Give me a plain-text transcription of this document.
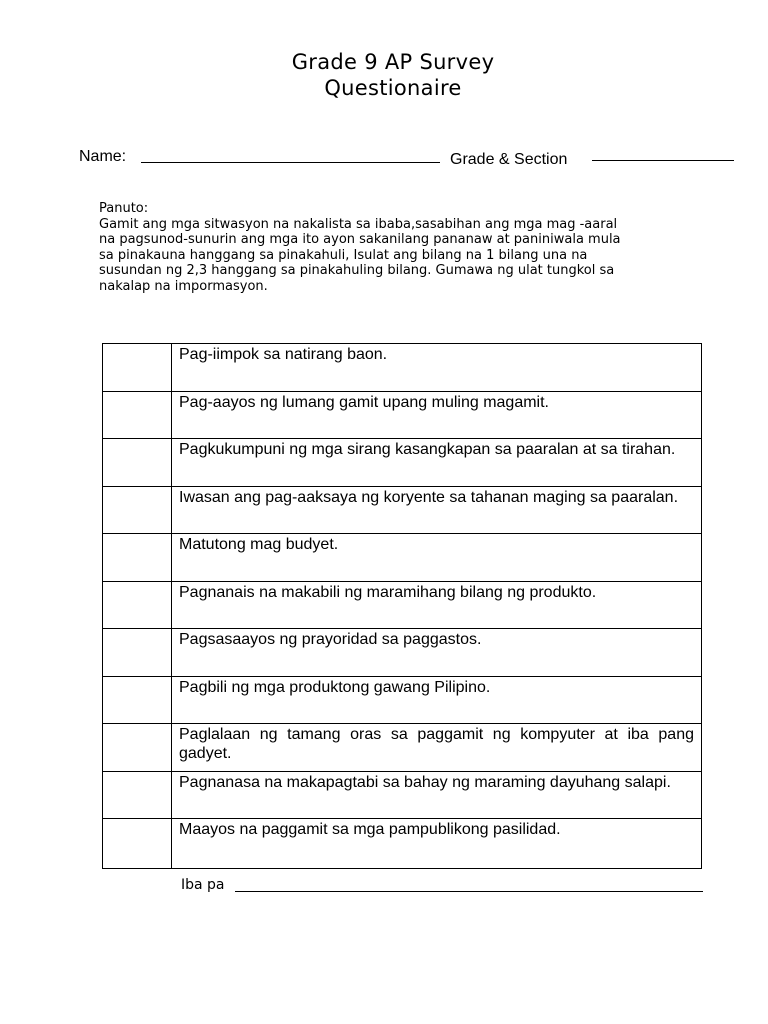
Grade 9 AP Survey
Questionaire
Name:	Grade & Section
Panuto:
Gamit ang mga sitwasyon na nakalista sa ibaba,sasabihan ang mga mag -aaral
na pagsunod-sunurin ang mga ito ayon sakanilang pananaw at paniniwala mula
sa pinakauna hanggang sa pinakahuli, Isulat ang bilang na 1 bilang una na
susundan ng 2,3 hanggang sa pinakahuling bilang. Gumawa ng ulat tungkol sa
nakalap na impormasyon.
	Pag-iimpok sa natirang baon.
	Pag-aayos ng lumang gamit upang muling magamit.
	Pagkukumpuni ng mga sirang kasangkapan sa paaralan at sa tirahan.
	Iwasan ang pag-aaksaya ng koryente sa tahanan maging sa paaralan.
	Matutong mag budyet.
	Pagnanais na makabili ng maramihang bilang ng produkto.
	Pagsasaayos ng prayoridad sa paggastos.
	Pagbili ng mga produktong gawang Pilipino.
	Paglalaan ng tamang oras sa paggamit ng kompyuter at iba pang gadyet.
	Pagnanasa na makapagtabi sa bahay ng maraming dayuhang salapi.
	Maayos na paggamit sa mga pampublikong pasilidad.
Iba pa
